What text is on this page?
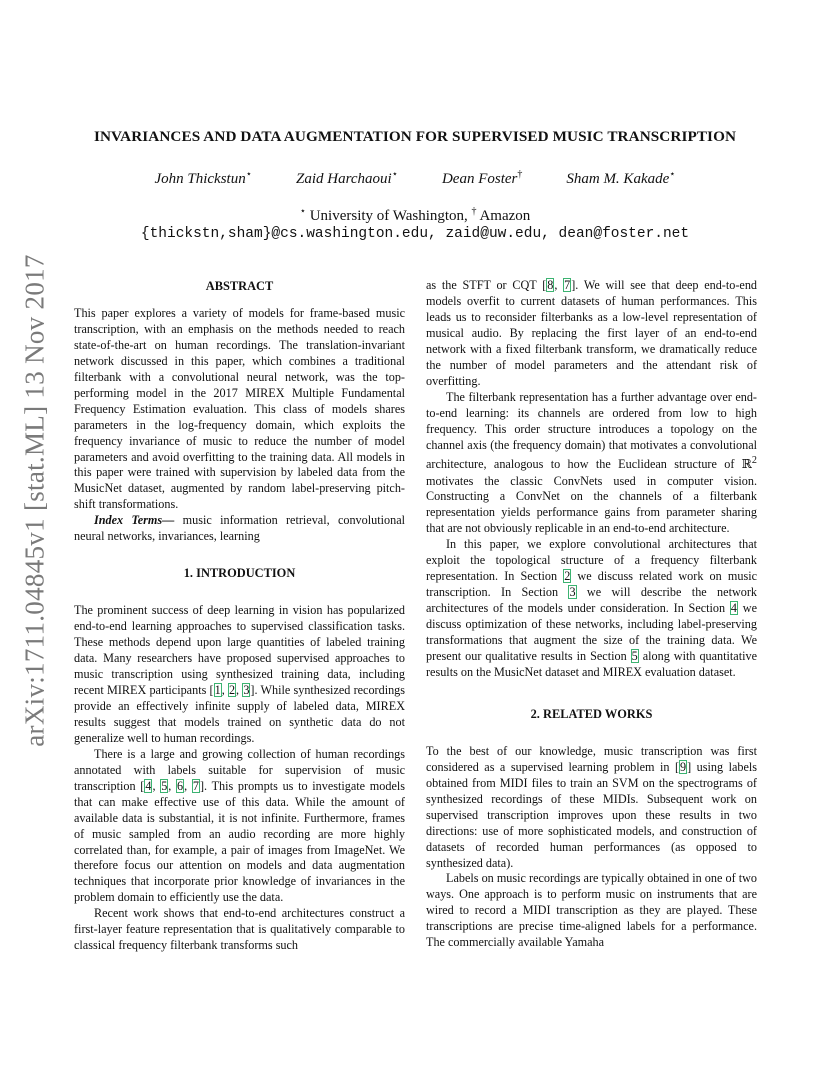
arXiv:1711.04845v1 [stat.ML] 13 Nov 2017
INVARIANCES AND DATA AUGMENTATION FOR SUPERVISED MUSIC TRANSCRIPTION
John Thickstun⋆	Zaid Harchaoui⋆	Dean Foster†	Sham M. Kakade⋆
⋆ University of Washington, † Amazon
{thickstn,sham}@cs.washington.edu, zaid@uw.edu, dean@foster.net
ABSTRACT

This paper explores a variety of models for frame-based music transcription, with an emphasis on the methods needed to reach state-of-the-art on human recordings. The translation-invariant network discussed in this paper, which combines a traditional filterbank with a convolutional neural network, was the top-performing model in the 2017 MIREX Multiple Fundamental Frequency Estimation evaluation. This class of models shares parameters in the log-frequency domain, which exploits the frequency invariance of music to reduce the number of model parameters and avoid overfitting to the training data. All models in this paper were trained with supervision by labeled data from the MusicNet dataset, augmented by random label-preserving pitch-shift transformations.

Index Terms— music information retrieval, convolutional neural networks, invariances, learning

1. INTRODUCTION

The prominent success of deep learning in vision has popularized end-to-end learning approaches to supervised classification tasks. These methods depend upon large quantities of labeled training data. Many researchers have proposed supervised approaches to music transcription using synthesized training data, including recent MIREX participants [1, 2, 3]. While synthesized recordings provide an effectively infinite supply of labeled data, MIREX results suggest that models trained on synthetic data do not generalize well to human recordings.

There is a large and growing collection of human recordings annotated with labels suitable for supervision of music transcription [4, 5, 6, 7]. This prompts us to investigate models that can make effective use of this data. While the amount of available data is substantial, it is not infinite. Furthermore, frames of music sampled from an audio recording are more highly correlated than, for example, a pair of images from ImageNet. We therefore focus our attention on models and data augmentation techniques that incorporate prior knowledge of invariances in the problem domain to efficiently use the data.

Recent work shows that end-to-end architectures construct a first-layer feature representation that is qualitatively comparable to classical frequency filterbank transforms such

as the STFT or CQT [8, 7]. We will see that deep end-to-end models overfit to current datasets of human performances. This leads us to reconsider filterbanks as a low-level representation of musical audio. By replacing the first layer of an end-to-end network with a fixed filterbank transform, we dramatically reduce the number of model parameters and the attendant risk of overfitting.

The filterbank representation has a further advantage over end-to-end learning: its channels are ordered from low to high frequency. This order structure introduces a topology on the channel axis (the frequency domain) that motivates a convolutional architecture, analogous to how the Euclidean structure of ℝ$^2$ motivates the classic ConvNets used in computer vision. Constructing a ConvNet on the channels of a filterbank representation yields performance gains from parameter sharing that are not obviously replicable in an end-to-end architecture.

In this paper, we explore convolutional architectures that exploit the topological structure of a frequency filterbank representation. In Section 2 we discuss related work on music transcription. In Section 3 we will describe the network architectures of the models under consideration. In Section 4 we discuss optimization of these networks, including label-preserving transformations that augment the size of the training data. We present our qualitative results in Section 5 along with quantitative results on the MusicNet dataset and MIREX evaluation dataset.

2. RELATED WORKS

To the best of our knowledge, music transcription was first considered as a supervised learning problem in [9] using labels obtained from MIDI files to train an SVM on the spectrograms of synthesized recordings of these MIDIs. Subsequent work on supervised transcription improves upon these results in two directions: use of more sophisticated models, and construction of datasets of recorded human performances (as opposed to synthesized data).

Labels on music recordings are typically obtained in one of two ways. One approach is to perform music on instruments that are wired to record a MIDI transcription as they are played. These transcriptions are precise time-aligned labels for a performance. The commercially available Yamaha
